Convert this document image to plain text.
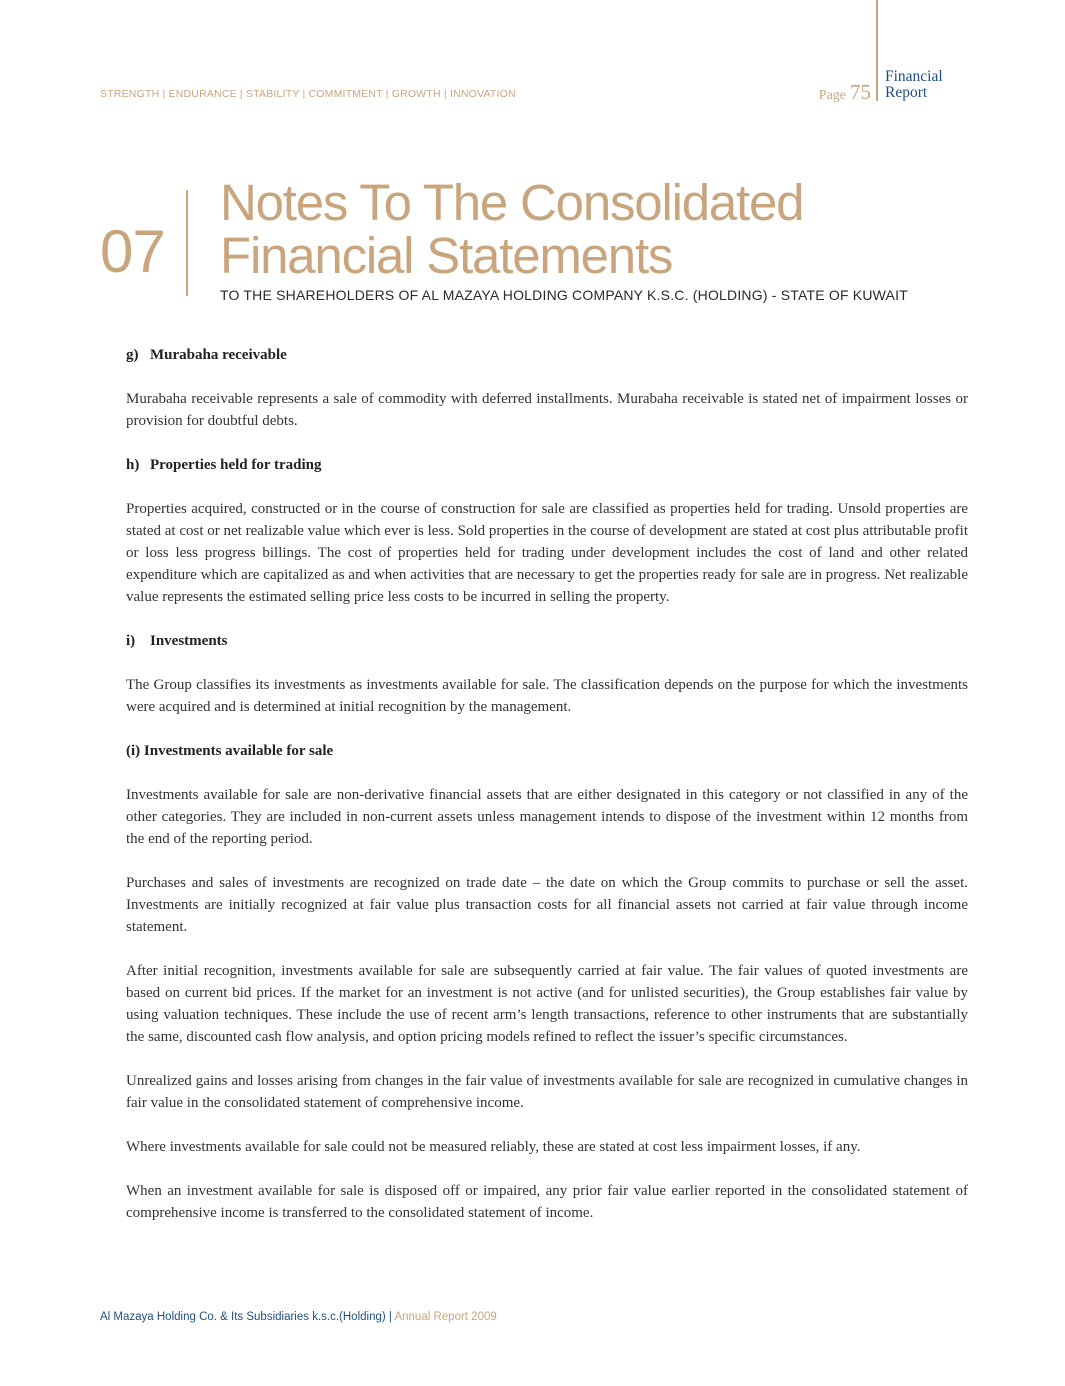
STRENGTH | ENDURANCE | STABILITY | COMMITMENT | GROWTH | INNOVATION	Page 75
Financial
Report
07
Notes To The Consolidated
Financial Statements
TO THE SHAREHOLDERS OF AL MAZAYA HOLDING COMPANY K.S.C. (HOLDING) - STATE OF KUWAIT
g) Murabaha receivable

Murabaha receivable represents a sale of commodity with deferred installments. Murabaha receivable is stated net of impairment losses or provision for doubtful debts.

h) Properties held for trading

Properties acquired, constructed or in the course of construction for sale are classified as properties held for trading. Unsold properties are stated at cost or net realizable value which ever is less. Sold properties in the course of development are stated at cost plus attributable profit or loss less progress billings. The cost of properties held for trading under development includes the cost of land and other related expenditure which are capitalized as and when activities that are necessary to get the properties ready for sale are in progress. Net realizable value represents the estimated selling price less costs to be incurred in selling the property.

i) Investments

The Group classifies its investments as investments available for sale. The classification depends on the purpose for which the investments were acquired and is determined at initial recognition by the management.

(i) Investments available for sale

Investments available for sale are non-derivative financial assets that are either designated in this category or not classified in any of the other categories. They are included in non-current assets unless management intends to dispose of the investment within 12 months from the end of the reporting period.

Purchases and sales of investments are recognized on trade date – the date on which the Group commits to purchase or sell the asset. Investments are initially recognized at fair value plus transaction costs for all financial assets not carried at fair value through income statement.

After initial recognition, investments available for sale are subsequently carried at fair value. The fair values of quoted investments are based on current bid prices. If the market for an investment is not active (and for unlisted securities), the Group establishes fair value by using valuation techniques. These include the use of recent arm’s length transactions, reference to other instruments that are substantially the same, discounted cash flow analysis, and option pricing models refined to reflect the issuer’s specific circumstances.

Unrealized gains and losses arising from changes in the fair value of investments available for sale are recognized in cumulative changes in fair value in the consolidated statement of comprehensive income.

Where investments available for sale could not be measured reliably, these are stated at cost less impairment losses, if any.

When an investment available for sale is disposed off or impaired, any prior fair value earlier reported in the consolidated statement of comprehensive income is transferred to the consolidated statement of income.

Al Mazaya Holding Co. & Its Subsidiaries k.s.c.(Holding) | Annual Report 2009
